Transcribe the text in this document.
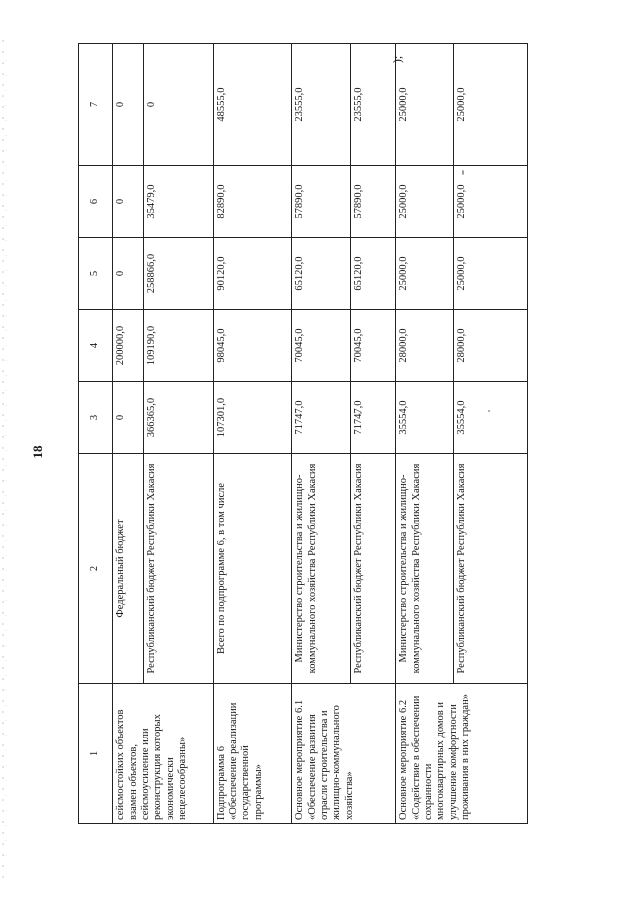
18
1	2	3	4	5	6	7
сейсмостойких объектов взамен объектов, сейсмоусиление или реконструкция которых экономически нецелесообразны»	Федеральный бюджет	0	200000,0	0	0	0
	Республиканский бюджет Республики Хакасия	366365,0	109190,0	258866,0	35479,0	0
Подпрограмма 6 «Обеспечение реализации государственной программы»	Всего по подпрограмме 6, в том числе	107301,0	98045,0	90120,0	82890,0	48555,0
Основное мероприятие 6.1 «Обеспечение развития отрасли строительства и жилищно-коммунального хозяйства»	Министерство строительства и жилищно-коммунального хозяйства Республики Хакасия	71747,0	70045,0	65120,0	57890,0	23555,0
	Республиканский бюджет Республики Хакасия	71747,0	70045,0	65120,0	57890,0	23555,0
Основное мероприятие 6.2 «Содействие в обеспечении сохранности многоквартирных домов и улучшение комфортности проживания в них граждан»	Министерство строительства и жилищно-коммунального хозяйства Республики Хакасия	35554,0	28000,0	25000,0	25000,0	25000,0
	Республиканский бюджет Республики Хакасия	35554,0	28000,0	25000,0	25000,0	25000,0
);
